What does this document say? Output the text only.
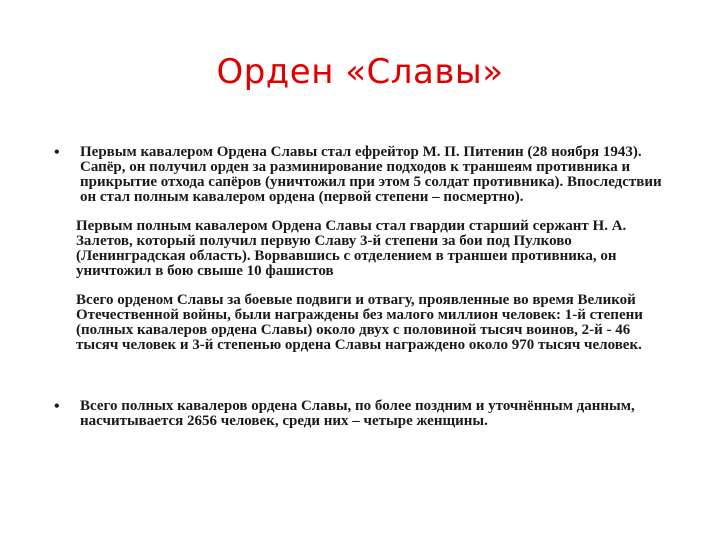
Орден «Славы»
•	Первым кавалером Ордена Славы стал ефрейтор М. П. Питенин (28 ноября 1943). Сапёр, он получил орден за разминирование подходов к траншеям противника и прикрытие отхода сапёров (уничтожил при этом 5 солдат противника). Впоследствии он стал полным кавалером ордена (первой степени – посмертно).

Первым полным кавалером Ордена Славы стал гвардии старший сержант Н. А. Залетов, который получил первую Славу 3-й степени за бои под Пулково (Ленинградская область). Ворвавшись с отделением в траншеи противника, он уничтожил в бою свыше 10 фашистов

Всего орденом Славы за боевые подвиги и отвагу, проявленные во время Великой Отечественной войны, были награждены без малого миллион человек: 1-й степени (полных кавалеров ордена Славы) около двух с половиной тысяч воинов, 2-й - 46 тысяч человек и 3-й степенью ордена Славы награждено около 970 тысяч человек.

•	Всего полных кавалеров ордена Славы, по более поздним и уточнённым данным, насчитывается 2656 человек, среди них – четыре женщины.
